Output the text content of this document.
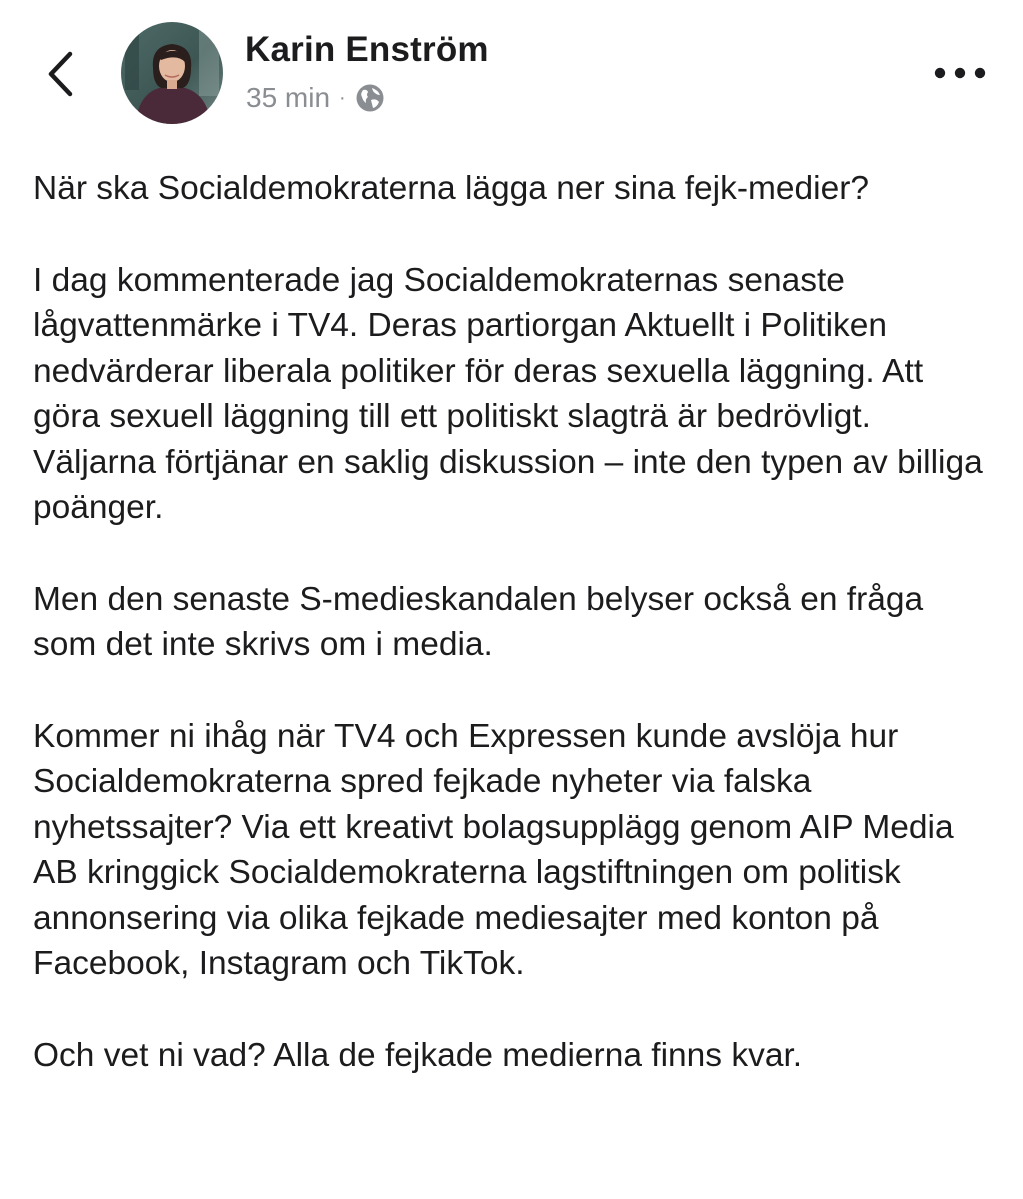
Karin Enström
35 min ·

När ska Socialdemokraterna lägga ner sina fejk-medier?

I dag kommenterade jag Socialdemokraternas senaste lågvattenmärke i TV4. Deras partiorgan Aktuellt i Politiken nedvärderar liberala politiker för deras sexuella läggning. Att göra sexuell läggning till ett politiskt slagträ är bedrövligt. Väljarna förtjänar en saklig diskussion – inte den typen av billiga poänger.

Men den senaste S-medieskandalen belyser också en fråga som det inte skrivs om i media.

Kommer ni ihåg när TV4 och Expressen kunde avslöja hur Socialdemokraterna spred fejkade nyheter via falska nyhetssajter? Via ett kreativt bolagsupplägg genom AIP Media AB kringgick Socialdemokraterna lagstiftningen om politisk annonsering via olika fejkade mediesajter med konton på Facebook, Instagram och TikTok.

Och vet ni vad? Alla de fejkade medierna finns kvar.
